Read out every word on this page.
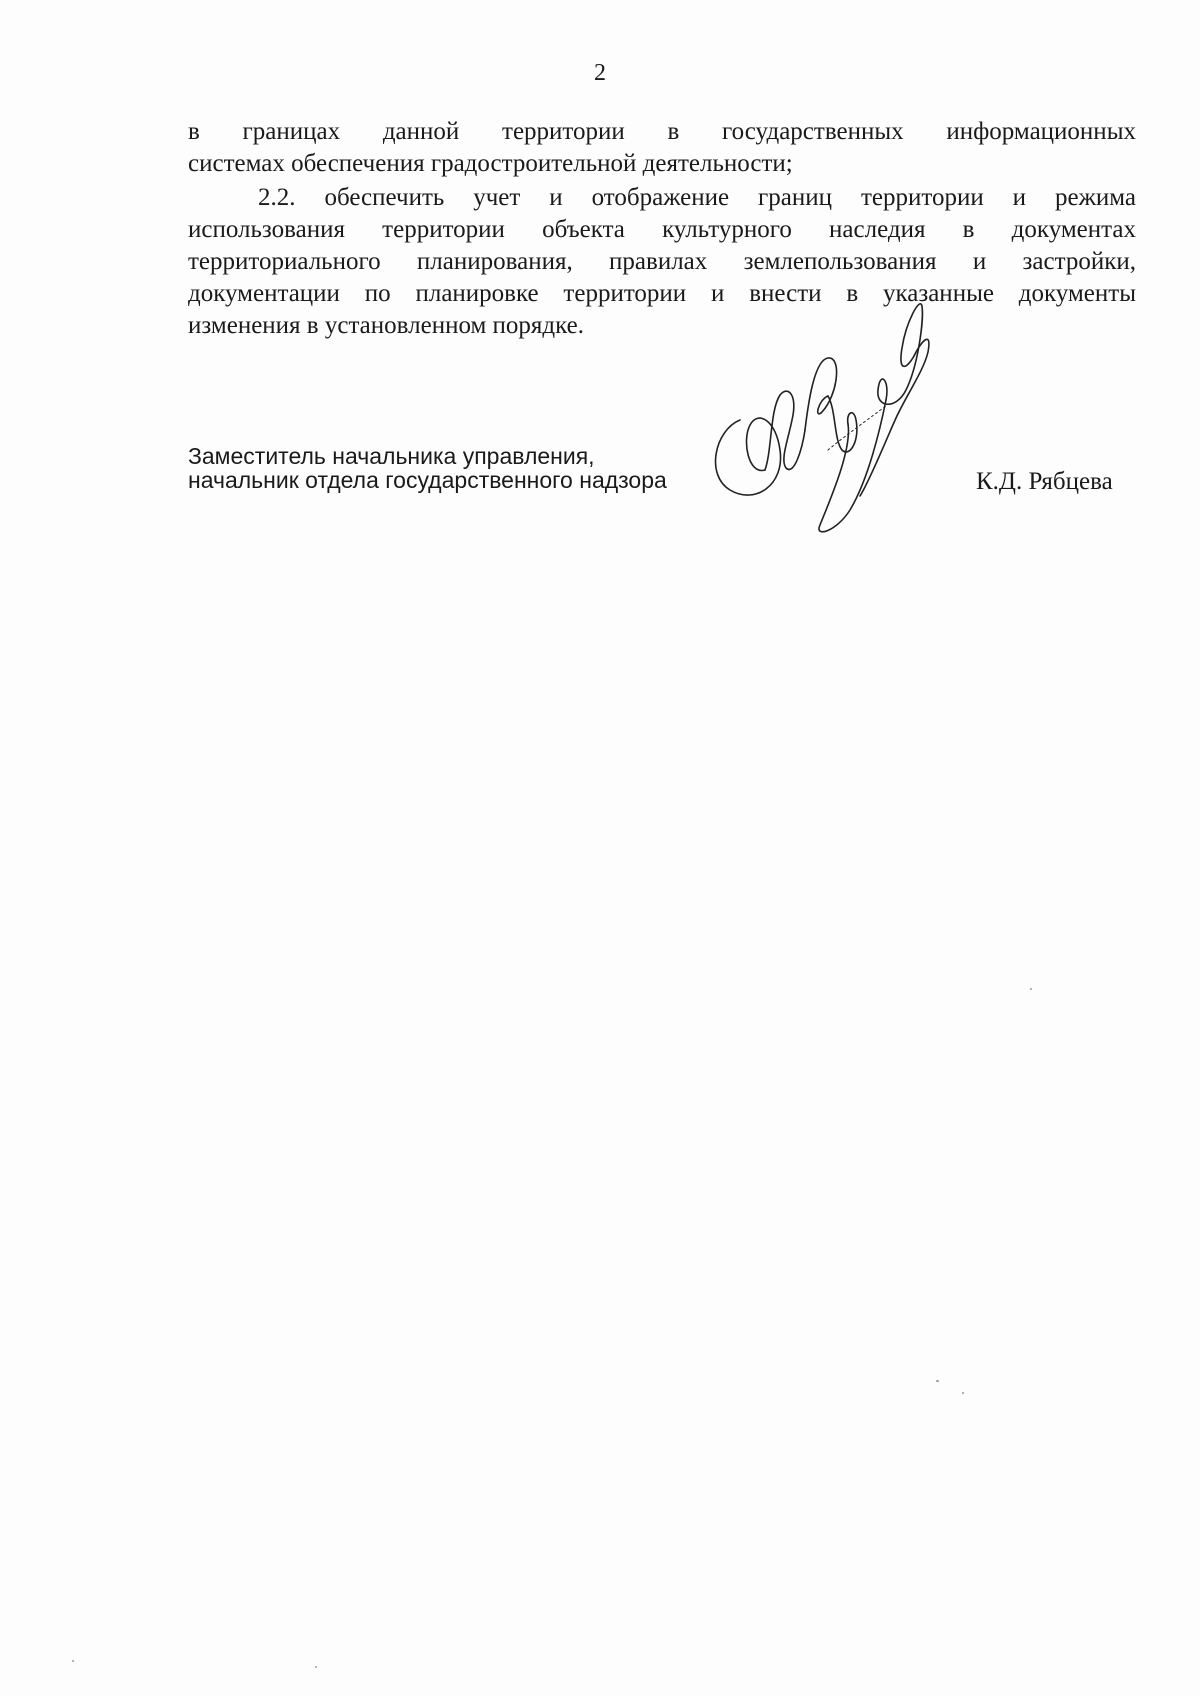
2
в границах данной территории в государственных информационных
системах обеспечения градостроительной деятельности;
2.2. обеспечить учет и отображение границ территории и режима
использования территории объекта культурного наследия в документах
территориального планирования, правилах землепользования и застройки,
документации по планировке территории и внести в указанные документы
изменения в установленном порядке.
Заместитель начальника управления,
начальник отдела государственного надзора	К.Д. Рябцева
